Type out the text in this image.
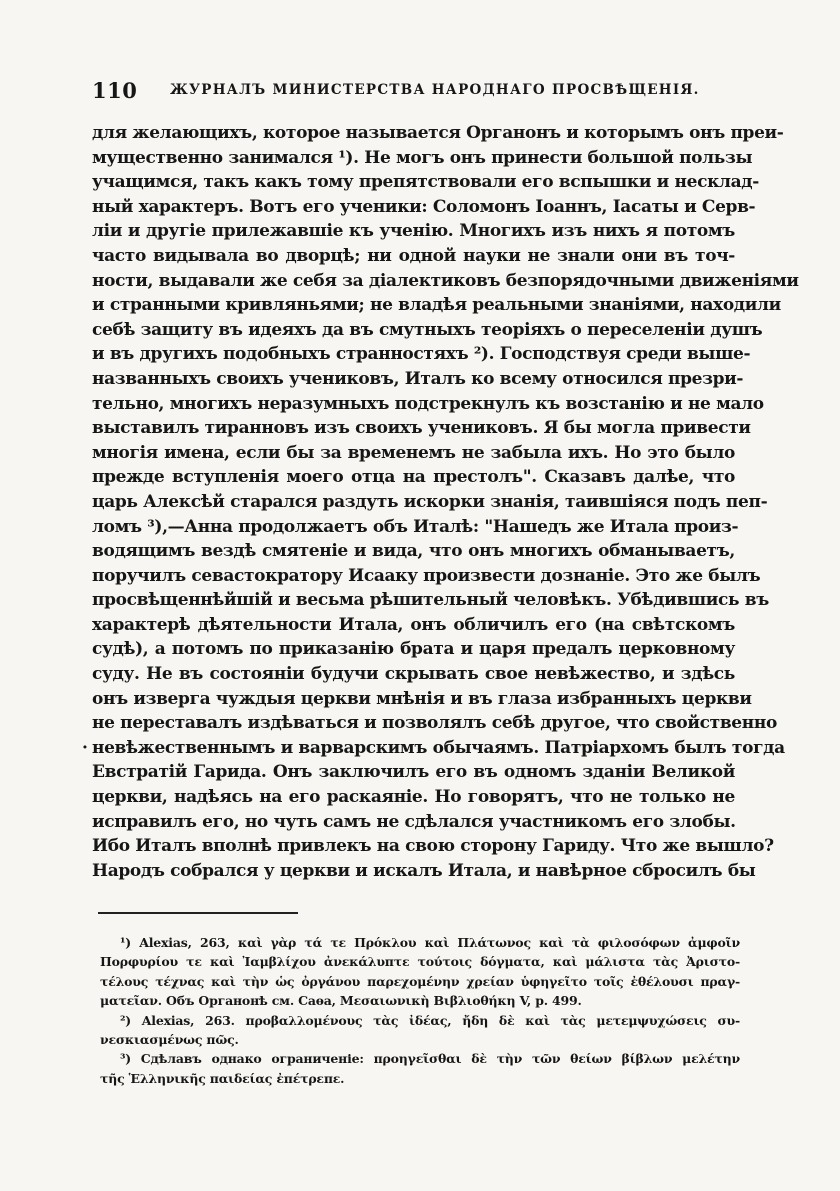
110 ЖУРНАЛЪ МИНИСТЕРСТВА НАРОДНАГО ПРОСВѢЩЕНІЯ.
для желающихъ, которое называется Органонъ и которымъ онъ преи-
мущественно занимался ¹). Не могъ онъ принести большой пользы
учащимся, такъ какъ тому препятствовали его вспышки и несклад-
ный характеръ. Вотъ его ученики: Соломонъ Іоаннъ, Іасаты и Серв-
ліи и другіе прилежавшіе къ ученію. Многихъ изъ нихъ я потомъ
часто видывала во дворцѣ; ни одной науки не знали они въ точ-
ности, выдавали же себя за діалектиковъ безпорядочными движеніями
и странными кривляньями; не владѣя реальными знаніями, находили
себѣ защиту въ идеяхъ да въ смутныхъ теоріяхъ о переселеніи душъ
и въ другихъ подобныхъ странностяхъ ²). Господствуя среди выше-
названныхъ своихъ учениковъ, Италъ ко всему относился презри-
тельно, многихъ неразумныхъ подстрекнулъ къ возстанію и не мало
выставилъ тиранновъ изъ своихъ учениковъ. Я бы могла привести
многія имена, если бы за временемъ не забыла ихъ. Но это было
прежде вступленія моего отца на престолъ". Сказавъ далѣе, что
царь Алексѣй старался раздуть искорки знанія, таившіяся подъ пеп-
ломъ ³),—Анна продолжаетъ объ Италѣ: "Нашедъ же Итала произ-
водящимъ вездѣ смятеніе и вида, что онъ многихъ обманываетъ,
поручилъ севастократору Исааку произвести дознаніе. Это же былъ
просвѣщеннѣйшій и весьма рѣшительный человѣкъ. Убѣдившись въ
характерѣ дѣятельности Итала, онъ обличилъ его (на свѣтскомъ
судѣ), а потомъ по приказанію брата и царя предалъ церковному
суду. Не въ состояніи будучи скрывать свое невѣжество, и здѣсь
онъ изверга чуждыя церкви мнѣнія и въ глаза избранныхъ церкви
не переставалъ издѣваться и позволялъ себѣ другое, что свойственно
· невѣжественнымъ и варварскимъ обычаямъ. Патріархомъ былъ тогда
Евстратій Гарида. Онъ заключилъ его въ одномъ зданіи Великой
церкви, надѣясь на его раскаяніе. Но говорятъ, что не только не
исправилъ его, но чуть самъ не сдѣлался участникомъ его злобы.
Ибо Италъ вполнѣ привлекъ на свою сторону Гариду. Что же вышло?
Народъ собрался у церкви и искалъ Итала, и навѣрное сбросилъ бы
¹) Alexias, 263, καὶ γὰρ τά τε Πρόκλου καὶ Πλάτωνος καὶ τὰ φιλοσόφων ἀμφοῖν
Πορφυρίου τε καὶ Ἰαμβλίχου ἀνεκάλυπτε τούτοις δόγματα, καὶ μάλιστα τὰς Ἀριστο-
τέλους τέχνας καὶ τὴν ὡς ὀργάνου παρεχομένην χρείαν ὑφηγεῖτο τοῖς ἐθέλουσι πραγ-
ματεῖαν. Объ Органонѣ см. Саѳа, Μεσαιωνικὴ Βιβλιοθήκη V, p. 499.
²) Alexias, 263. προβαλλομένους τὰς ἰδέας, ἤδη δὲ καὶ τὰς μετεμψυχώσεις συ-
νεσκιασμένως πῶς.
³) Сдѣлавъ однако ограниченіе: προηγεῖσθαι δὲ τὴν τῶν θείων βίβλων μελέτην
τῆς Ἑλληνικῆς παιδείας ἐπέτρεπε.
